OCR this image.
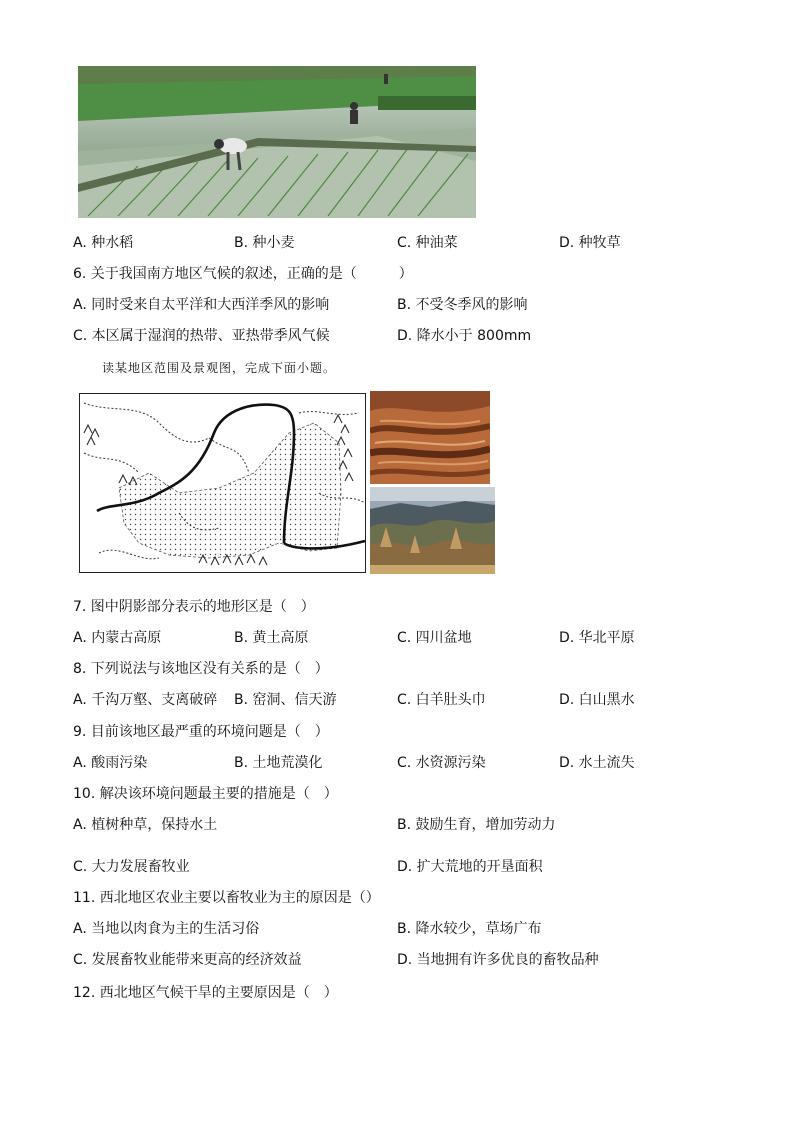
A. 种水稻	B. 种小麦	C. 种油菜	D. 种牧草
6. 关于我国南方地区气候的叙述，正确的是（　　　）
A. 同时受来自太平洋和大西洋季风的影响	B. 不受冬季风的影响
C. 本区属于湿润的热带、亚热带季风气候	D. 降水小于 800mm
读某地区范围及景观图，完成下面小题。
7. 图中阴影部分表示的地形区是（　）
A. 内蒙古高原	B. 黄土高原	C. 四川盆地	D. 华北平原
8. 下列说法与该地区没有关系的是（　）
A. 千沟万壑、支离破碎 B. 窑洞、信天游	C. 白羊肚头巾	D. 白山黑水
9. 目前该地区最严重的环境问题是（　）
A. 酸雨污染	B. 土地荒漠化	C. 水资源污染	D. 水土流失
10. 解决该环境问题最主要的措施是（　）
A. 植树种草，保持水土	B. 鼓励生育，增加劳动力
C. 大力发展畜牧业	D. 扩大荒地的开垦面积
11. 西北地区农业主要以畜牧业为主的原因是（）
A. 当地以肉食为主的生活习俗	B. 降水较少，草场广布
C. 发展畜牧业能带来更高的经济效益	D. 当地拥有许多优良的畜牧品种
12. 西北地区气候干旱的主要原因是（　）
